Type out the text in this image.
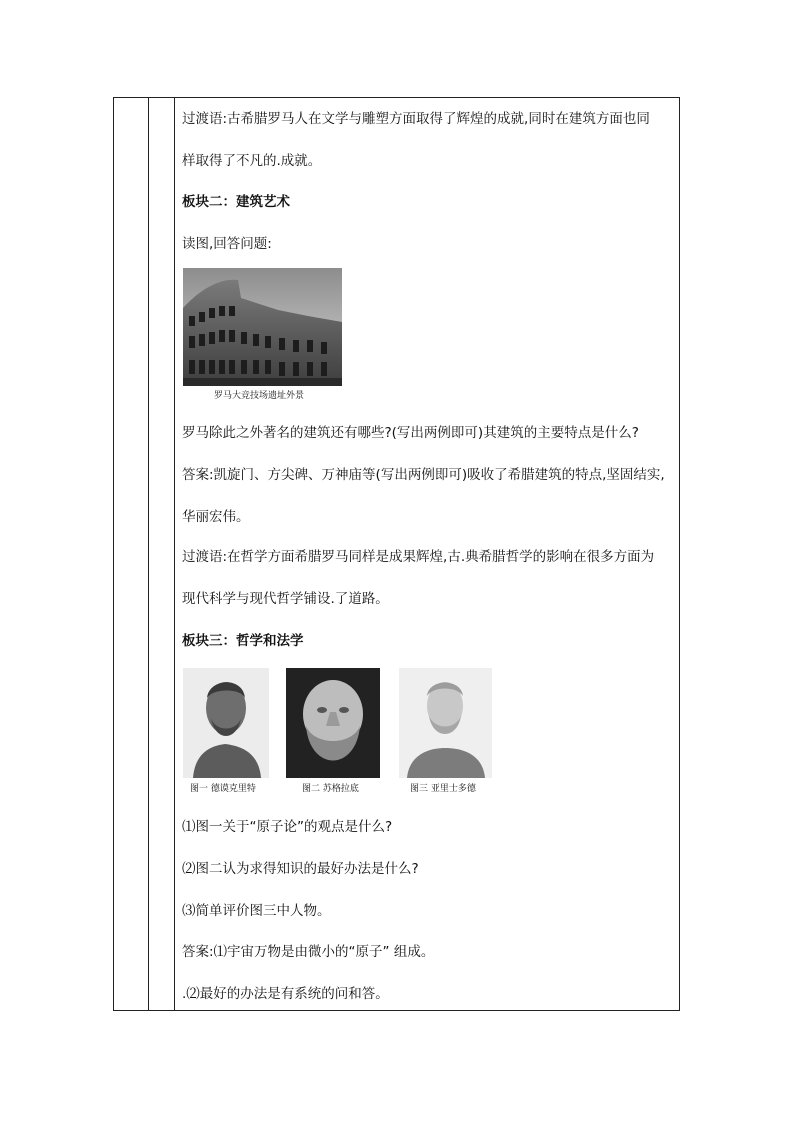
过渡语:古希腊罗马人在文学与雕塑方面取得了辉煌的成就,同时在建筑方面也同

样取得了不凡的.成就。

板块二：建筑艺术

读图,回答问题:

罗马大竞技场遗址外景

罗马除此之外著名的建筑还有哪些?(写出两例即可)其建筑的主要特点是什么?

答案:凯旋门、方尖碑、万神庙等(写出两例即可)吸收了希腊建筑的特点,坚固结实,

华丽宏伟。

过渡语:在哲学方面希腊罗马同样是成果辉煌,古.典希腊哲学的影响在很多方面为

现代科学与现代哲学铺设.了道路。

板块三：哲学和法学

图一 德谟克里特	图二 苏格拉底	图三 亚里士多德

⑴图一关于“原子论”的观点是什么?

⑵图二认为求得知识的最好办法是什么?

⑶简单评价图三中人物。

答案:⑴宇宙万物是由微小的“原子” 组成。

.⑵最好的办法是有系统的问和答。
